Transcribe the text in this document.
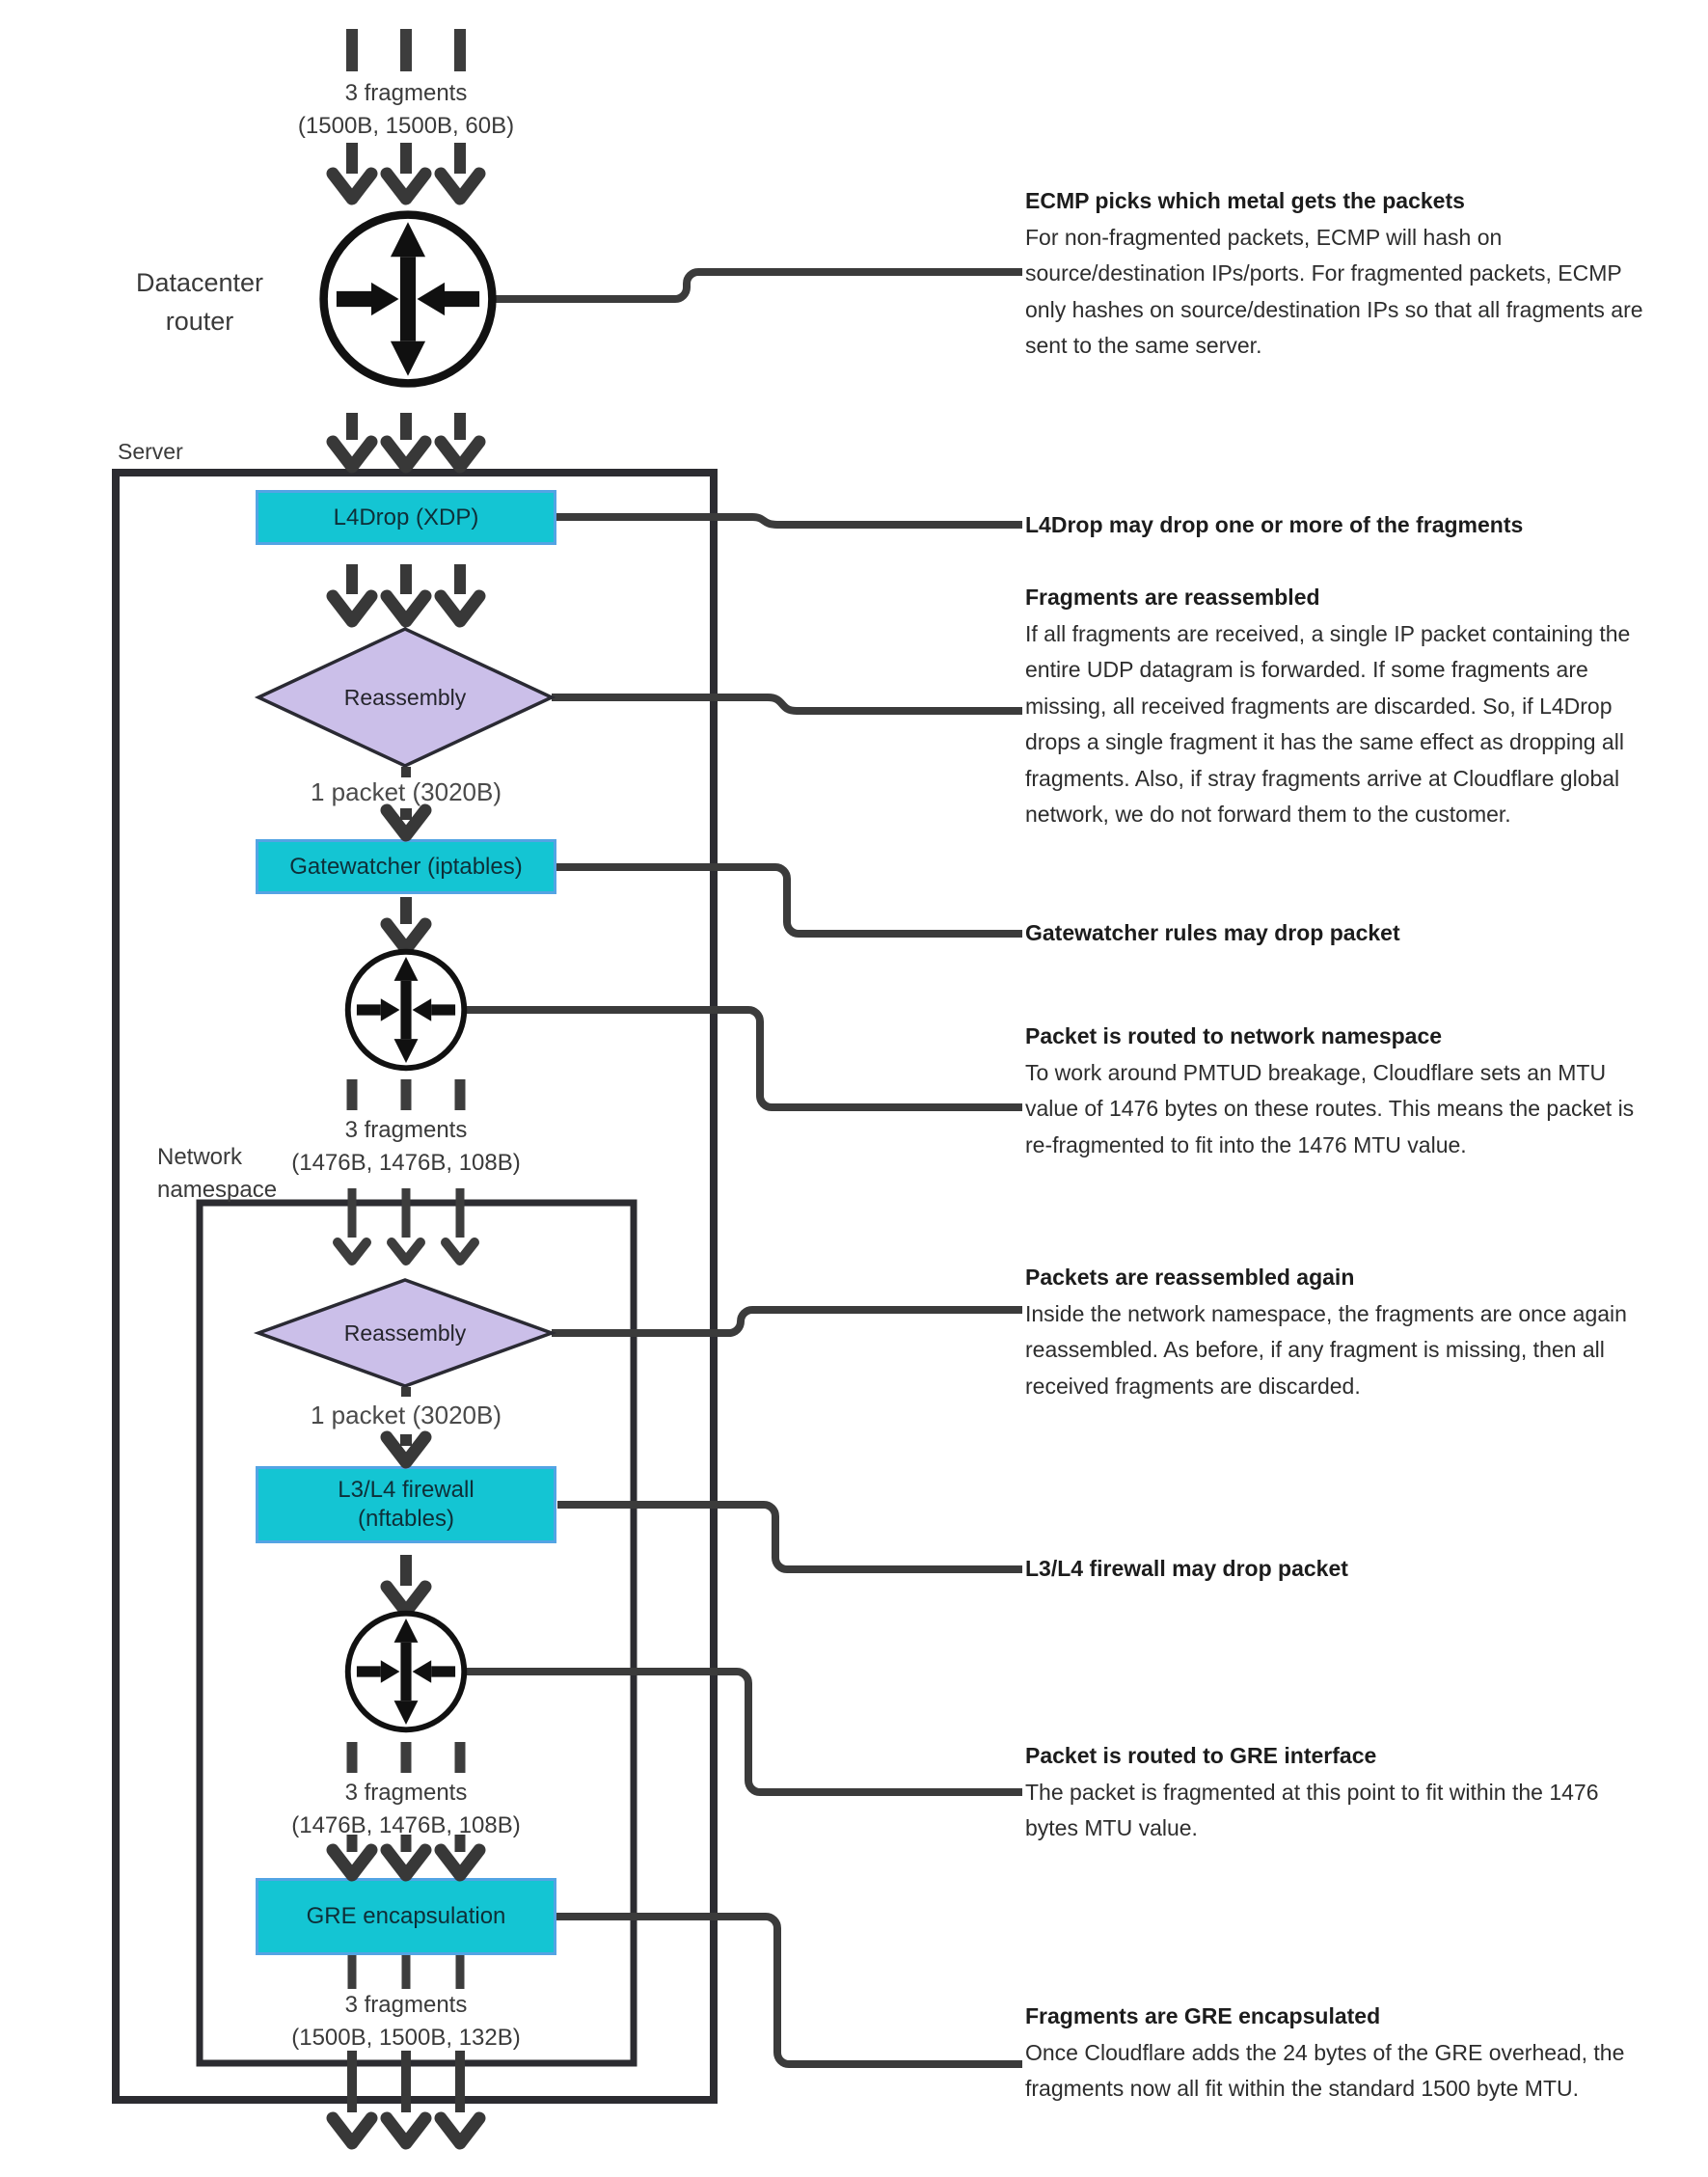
L4Drop (XDP)
Gatewatcher (iptables)
L3/L4 firewall
(nftables)
GRE encapsulation
3 fragments
(1500B, 1500B, 60B)
Datacenter router
Server
Reassembly
1 packet (3020B)
3 fragments
(1476B, 1476B, 108B)
Network namespace
Reassembly
1 packet (3020B)
3 fragments
(1476B, 1476B, 108B)
3 fragments
(1500B, 1500B, 132B)
ECMP picks which metal gets the packets
For non-fragmented packets, ECMP will hash on source/destination IPs/ports. For fragmented packets, ECMP only hashes on source/destination IPs so that all fragments are sent to the same server.
L4Drop may drop one or more of the fragments
Fragments are reassembled
If all fragments are received, a single IP packet containing the entire UDP datagram is forwarded. If some fragments are missing, all received fragments are discarded. So, if L4Drop drops a single fragment it has the same effect as dropping all fragments. Also, if stray fragments arrive at Cloudflare global network, we do not forward them to the customer.
Gatewatcher rules may drop packet
Packet is routed to network namespace
To work around PMTUD breakage, Cloudflare sets an MTU value of 1476 bytes on these routes. This means the packet is re-fragmented to fit into the 1476 MTU value.
Packets are reassembled again
Inside the network namespace, the fragments are once again reassembled. As before, if any fragment is missing, then all received fragments are discarded.
L3/L4 firewall may drop packet
Packet is routed to GRE interface
The packet is fragmented at this point to fit within the 1476 bytes MTU value.
Fragments are GRE encapsulated
Once Cloudflare adds the 24 bytes of the GRE overhead, the fragments now all fit within the standard 1500 byte MTU.
